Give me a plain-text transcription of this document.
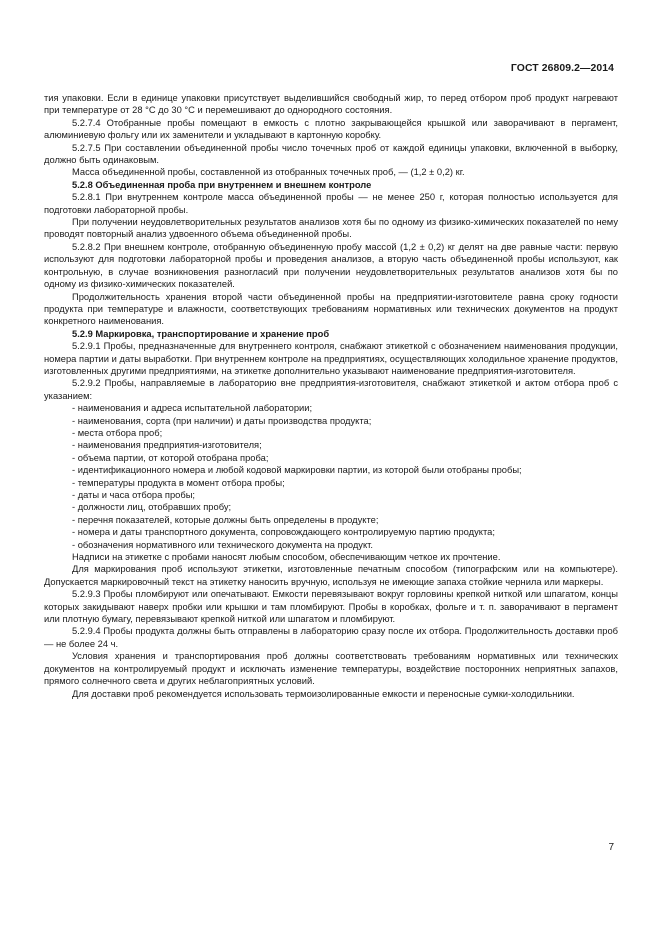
ГОСТ 26809.2—2014

тия упаковки. Если в единице упаковки присутствует выделившийся свободный жир, то перед отбором проб продукт нагревают при температуре от 28 °С до 30 °С и перемешивают до однородного состояния.

5.2.7.4 Отобранные пробы помещают в емкость с плотно закрывающейся крышкой или заворачивают в пергамент, алюминиевую фольгу или их заменители и укладывают в картонную коробку.

5.2.7.5 При составлении объединенной пробы число точечных проб от каждой единицы упаковки, включенной в выборку, должно быть одинаковым.

Масса объединенной пробы, составленной из отобранных точечных проб, — (1,2 ± 0,2) кг.

5.2.8 Объединенная проба при внутреннем и внешнем контроле

5.2.8.1 При внутреннем контроле масса объединенной пробы — не менее 250 г, которая полностью используется для подготовки лабораторной пробы.

При получении неудовлетворительных результатов анализов хотя бы по одному из физико-химических показателей по нему проводят повторный анализ удвоенного объема объединенной пробы.

5.2.8.2 При внешнем контроле, отобранную объединенную пробу массой (1,2 ± 0,2) кг делят на две равные части: первую используют для подготовки лабораторной пробы и проведения анализов, а вторую часть объединенной пробы используют, как контрольную, в случае возникновения разногласий при получении неудовлетворительных результатов анализов хотя бы по одному из физико-химических показателей.

Продолжительность хранения второй части объединенной пробы на предприятии-изготовителе равна сроку годности продукта при температуре и влажности, соответствующих требованиям нормативных или технических документов на продукт конкретного наименования.

5.2.9 Маркировка, транспортирование и хранение проб

5.2.9.1 Пробы, предназначенные для внутреннего контроля, снабжают этикеткой с обозначением наименования продукции, номера партии и даты выработки. При внутреннем контроле на предприятиях, осуществляющих холодильное хранение продуктов, изготовленных другими предприятиями, на этикетке дополнительно указывают наименование предприятия-изготовителя.

5.2.9.2 Пробы, направляемые в лабораторию вне предприятия-изготовителя, снабжают этикеткой и актом отбора проб с указанием:

- наименования и адреса испытательной лаборатории;

- наименования, сорта (при наличии) и даты производства продукта;

- места отбора проб;

- наименования предприятия-изготовителя;

- объема партии, от которой отобрана проба;

- идентификационного номера и любой кодовой маркировки партии, из которой были отобраны пробы;

- температуры продукта в момент отбора пробы;

- даты и часа отбора пробы;

- должности лиц, отобравших пробу;

- перечня показателей, которые должны быть определены в продукте;

- номера и даты транспортного документа, сопровождающего контролируемую партию продукта;

- обозначения нормативного или технического документа на продукт.

Надписи на этикетке с пробами наносят любым способом, обеспечивающим четкое их прочтение.

Для маркирования проб используют этикетки, изготовленные печатным способом (типографским или на компьютере). Допускается маркировочный текст на этикетку наносить вручную, используя не имеющие запаха стойкие чернила или маркеры.

5.2.9.3 Пробы пломбируют или опечатывают. Емкости перевязывают вокруг горловины крепкой ниткой или шпагатом, концы которых закидывают наверх пробки или крышки и там пломбируют. Пробы в коробках, фольге и т. п. заворачивают в пергамент или плотную бумагу, перевязывают крепкой ниткой или шпагатом и пломбируют.

5.2.9.4 Пробы продукта должны быть отправлены в лабораторию сразу после их отбора. Продолжительность доставки проб — не более 24 ч.

Условия хранения и транспортирования проб должны соответствовать требованиям нормативных или технических документов на контролируемый продукт и исключать изменение температуры, воздействие посторонних неприятных запахов, прямого солнечного света и других неблагоприятных условий.

Для доставки проб рекомендуется использовать термоизолированные емкости и переносные сумки-холодильники.

7
